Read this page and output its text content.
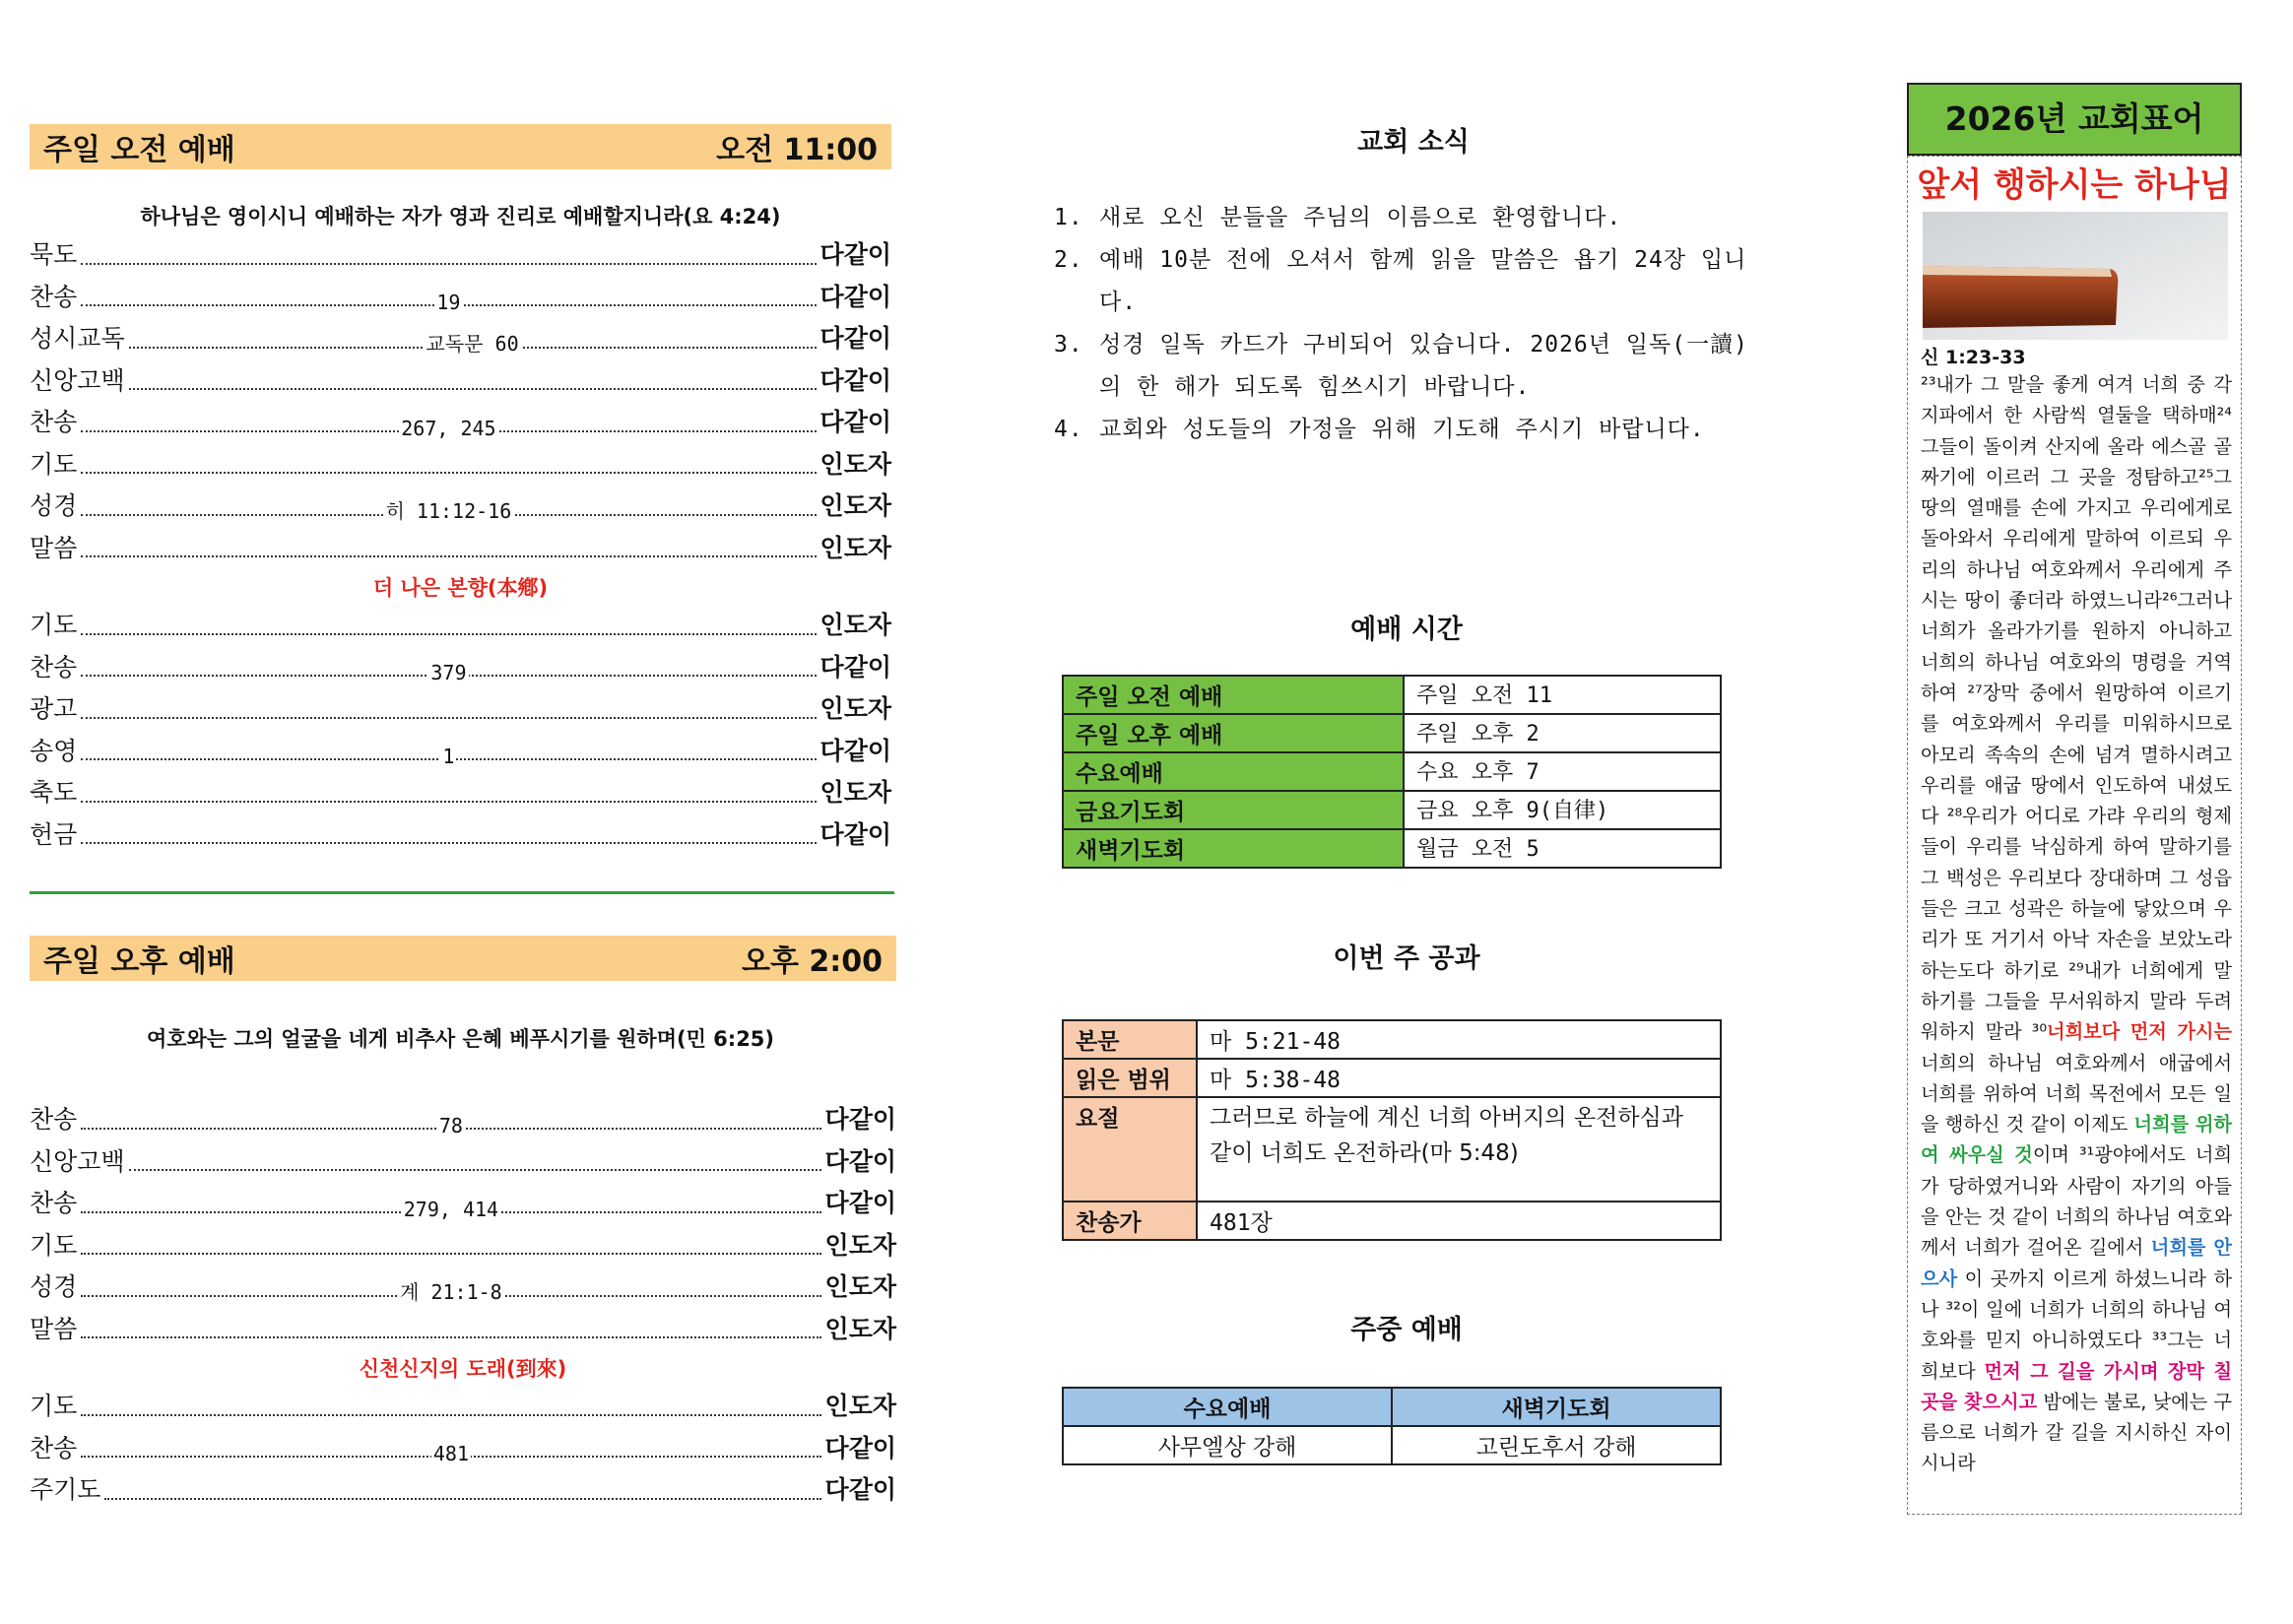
주일 오전 예배	오전 11:00
하나님은 영이시니 예배하는 자가 영과 진리로 예배할지니라(요 4:24)
묵도	다같이
찬송	19	다같이
성시교독	교독문 60	다같이
신앙고백	다같이
찬송	267, 245	다같이
기도	인도자
성경	히 11:12-16	인도자
말씀	인도자
더 나은 본향(本鄕)
기도	인도자
찬송	379	다같이
광고	인도자
송영	1	다같이
축도	인도자
헌금	다같이
주일 오후 예배	오후 2:00
여호와는 그의 얼굴을 네게 비추사 은혜 베푸시기를 원하며(민 6:25)
찬송	78	다같이
신앙고백	다같이
찬송	279, 414	다같이
기도	인도자
성경	계 21:1-8	인도자
말씀	인도자
신천신지의 도래(到來)
기도	인도자
찬송	481	다같이
주기도	다같이
교회 소식
1. 새로 오신 분들을 주님의 이름으로 환영합니다.
2. 예배 10분 전에 오셔서 함께 읽을 말씀은 욥기 24장 입니다.
3. 성경 일독 카드가 구비되어 있습니다. 2026년 일독(一讀)의 한 해가 되도록 힘쓰시기 바랍니다.
4. 교회와 성도들의 가정을 위해 기도해 주시기 바랍니다.
예배 시간
주일 오전 예배	주일 오전 11
주일 오후 예배	주일 오후 2
수요예배	수요 오후 7
금요기도회	금요 오후 9(自律)
새벽기도회	월금 오전 5
이번 주 공과
본문	마 5:21-48
읽은 범위	마 5:38-48
요절	그러므로 하늘에 계신 너희 아버지의 온전하심과 같이 너희도 온전하라(마 5:48)
찬송가	481장
주중 예배
수요예배	새벽기도회
사무엘상 강해	고린도후서 강해
2026년 교회표어
앞서 행하시는 하나님
신 1:23-33
²³내가 그 말을 좋게 여겨 너희 중 각 지파에서 한 사람씩 열둘을 택하매²⁴그들이 돌이켜 산지에 올라 에스골 골짜기에 이르러 그 곳을 정탐하고²⁵그 땅의 열매를 손에 가지고 우리에게로 돌아와서 우리에게 말하여 이르되 우리의 하나님 여호와께서 우리에게 주시는 땅이 좋더라 하였느니라²⁶그러나 너희가 올라가기를 원하지 아니하고 너희의 하나님 여호와의 명령을 거역하여 ²⁷장막 중에서 원망하여 이르기를 여호와께서 우리를 미워하시므로 아모리 족속의 손에 넘겨 멸하시려고 우리를 애굽 땅에서 인도하여 내셨도다 ²⁸우리가 어디로 가랴 우리의 형제들이 우리를 낙심하게 하여 말하기를 그 백성은 우리보다 장대하며 그 성읍들은 크고 성곽은 하늘에 닿았으며 우리가 또 거기서 아낙 자손을 보았노라 하는도다 하기로 ²⁹내가 너희에게 말하기를 그들을 무서워하지 말라 두려워하지 말라 ³⁰너희보다 먼저 가시는 너희의 하나님 여호와께서 애굽에서 너희를 위하여 너희 목전에서 모든 일을 행하신 것 같이 이제도 너희를 위하여 싸우실 것이며 ³¹광야에서도 너희가 당하였거니와 사람이 자기의 아들을 안는 것 같이 너희의 하나님 여호와께서 너희가 걸어온 길에서 너희를 안으사 이 곳까지 이르게 하셨느니라 하나 ³²이 일에 너희가 너희의 하나님 여호와를 믿지 아니하였도다 ³³그는 너희보다 먼저 그 길을 가시며 장막 칠 곳을 찾으시고 밤에는 불로, 낮에는 구름으로 너희가 갈 길을 지시하신 자이시니라
